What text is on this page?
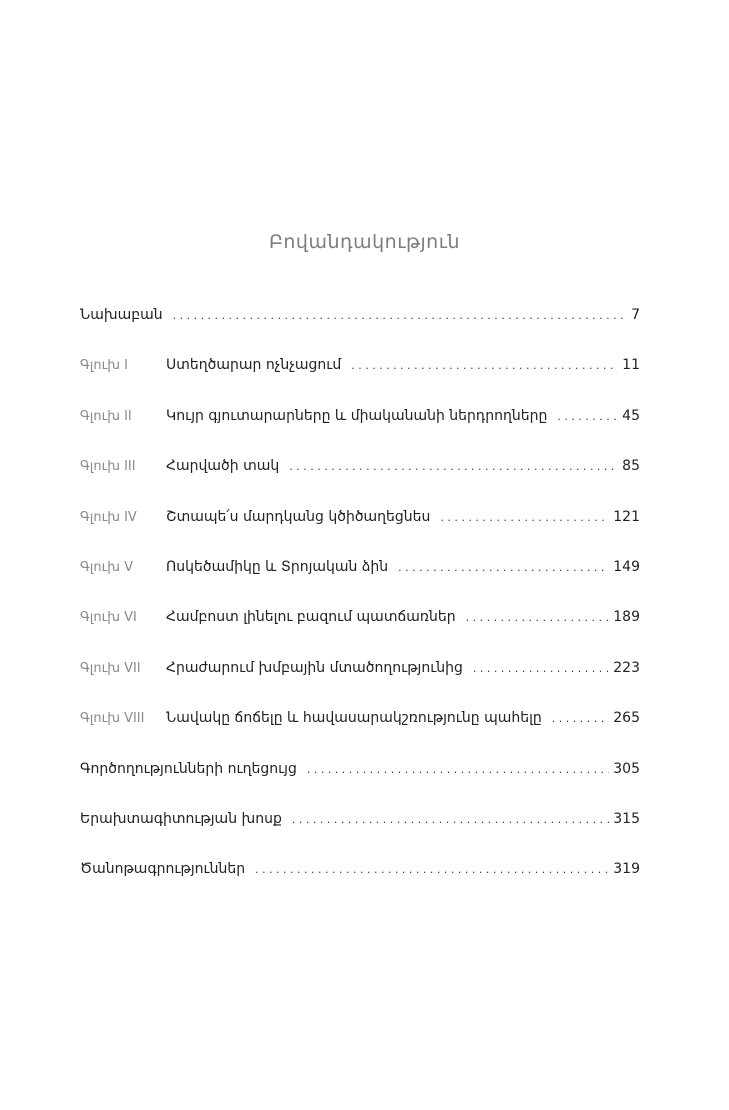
Բովանդակություն
Նախաբան . . .	7
Գլուխ I	Ստեղծարար ոչնչացում . . .	11
Գլուխ II	Կույր գյուտարարները և միականանի ներդրողները . . .	45
Գլուխ III	Հարվածի տակ . . .	85
Գլուխ IV	Շտապե՛ս մարդկանց կծիծաղեցնես . . .	121
Գլուխ V	Ոսկեծամիկը և Տրոյական ձին . . .	149
Գլուխ VI	Համբոստ լինելու բազում պատճառներ . . .	189
Գլուխ VII	Հրաժարում խմբային մտածողությունից . . .	223
Գլուխ VIII	Նավակը ճոճելը և հավասարակշռությունը պահելը . . .	265
Գործողությունների ուղեցույց . . .	305
Երախտագիտության խոսք . . .	315
Ծանոթագրություններ . . .	319
